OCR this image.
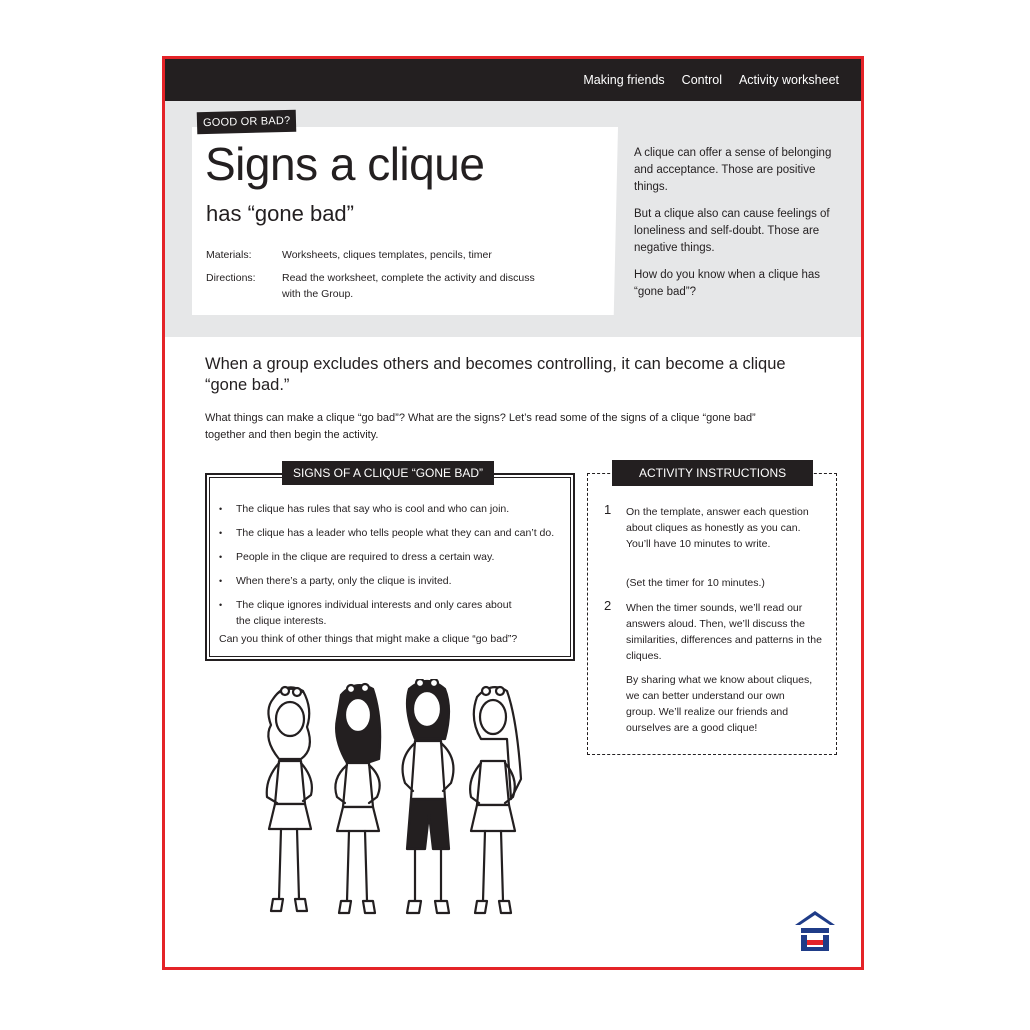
Making friends Control Activity worksheet
GOOD OR BAD?
Signs a clique
has “gone bad”
Materials:	Worksheets, cliques templates, pencils, timer
Directions:	Read the worksheet, complete the activity and discuss with the Group.

A clique can offer a sense of belonging and acceptance. Those are positive things.

But a clique also can cause feelings of loneliness and self-doubt. Those are negative things.

How do you know when a clique has “gone bad”?

When a group excludes others and becomes controlling, it can become a clique “gone bad.”
What things can make a clique “go bad”? What are the signs? Let’s read some of the signs of a clique “gone bad” together and then begin the activity.
• The clique has rules that say who is cool and who can join.
• The clique has a leader who tells people what they can and can’t do.
• People in the clique are required to dress a certain way.
• When there’s a party, only the clique is invited.
• The clique ignores individual interests and only cares about the clique interests.
Can you think of other things that might make a clique “go bad”?
SIGNS OF A CLIQUE “GONE BAD”
1 On the template, answer each question about cliques as honestly as you can. You’ll have 10 minutes to write.
(Set the timer for 10 minutes.)
2 When the timer sounds, we’ll read our answers aloud. Then, we’ll discuss the similarities, differences and patterns in the cliques.
By sharing what we know about cliques, we can better understand our own group. We’ll realize our friends and ourselves are a good clique!
ACTIVITY INSTRUCTIONS
